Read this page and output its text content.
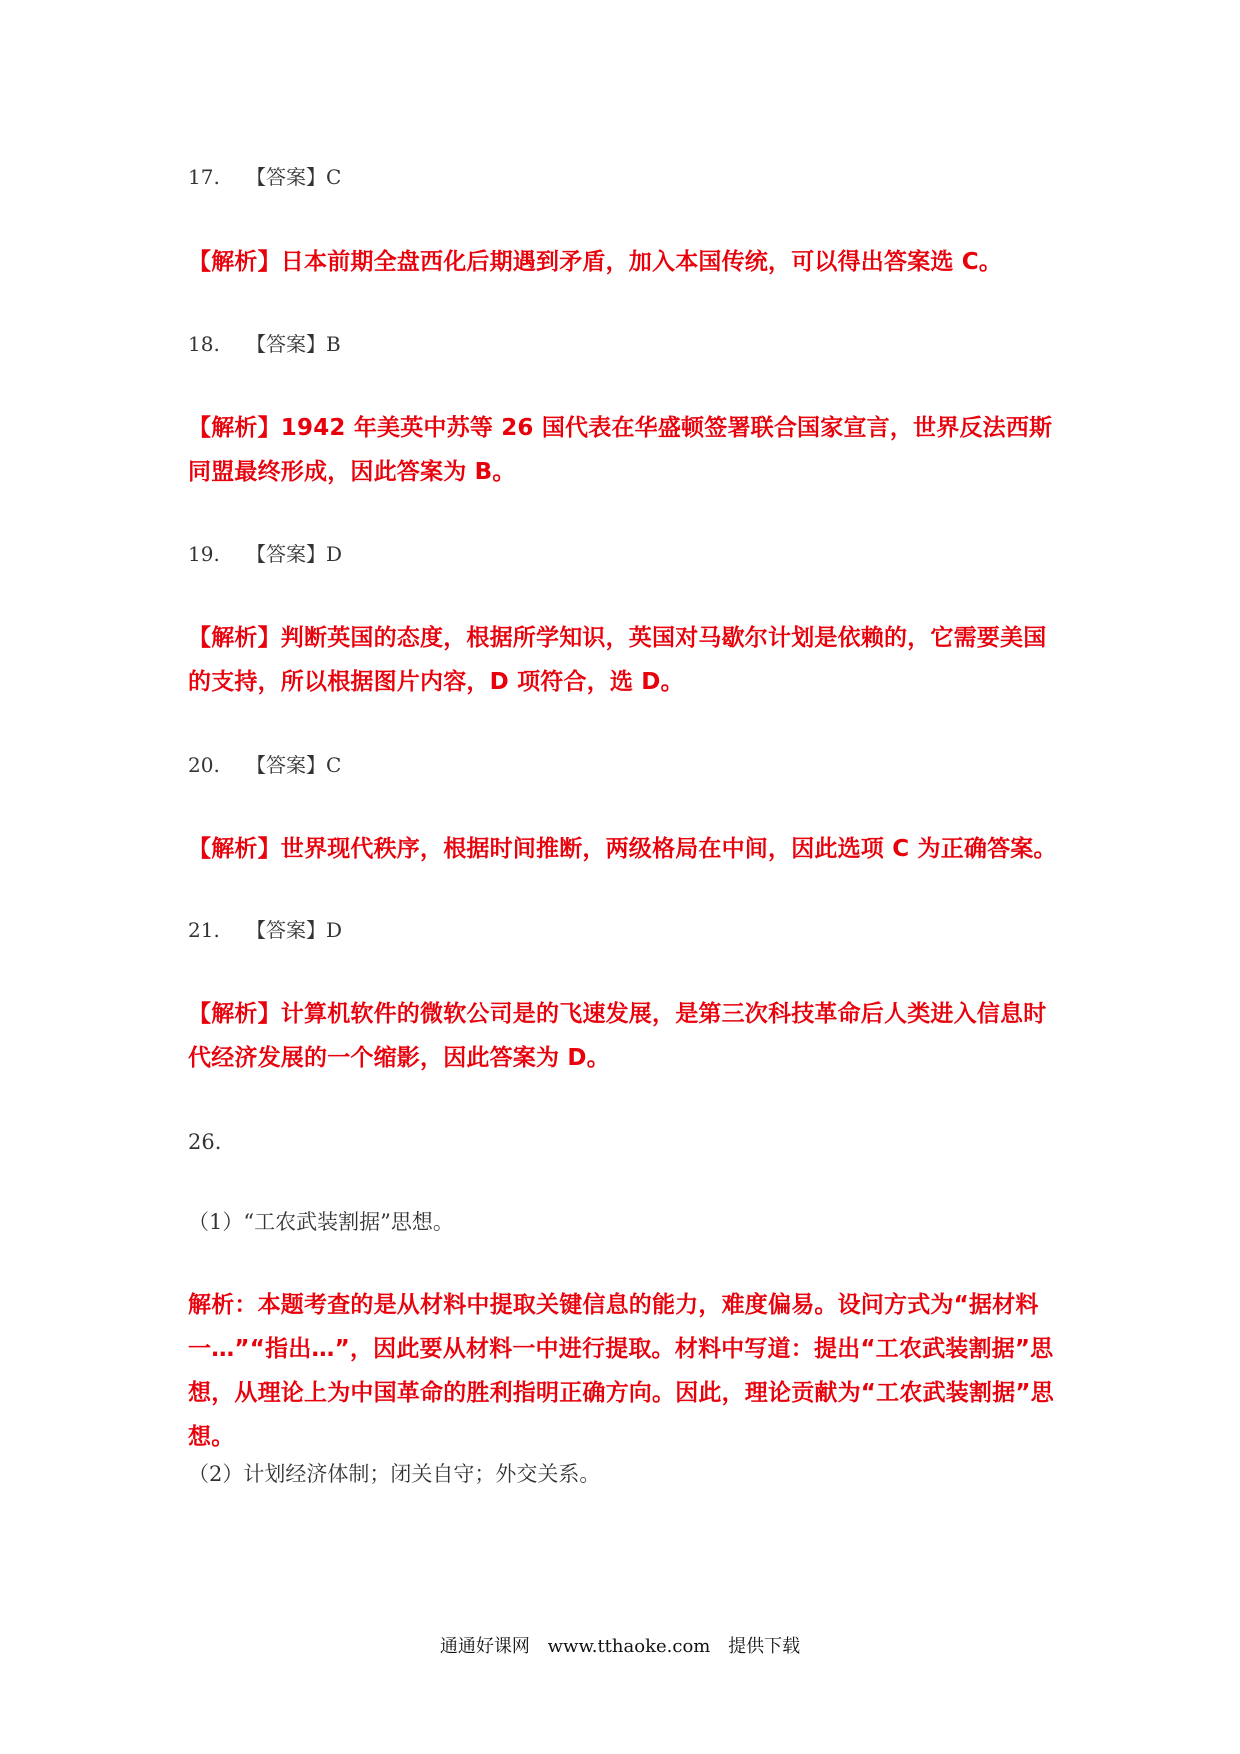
17. 【答案】C
【解析】日本前期全盘西化后期遇到矛盾，加入本国传统，可以得出答案选 C。
18. 【答案】B
【解析】1942 年美英中苏等 26 国代表在华盛顿签署联合国家宣言，世界反法西斯同盟最终形成，因此答案为 B。
19. 【答案】D
【解析】判断英国的态度，根据所学知识，英国对马歇尔计划是依赖的，它需要美国的支持，所以根据图片内容，D 项符合，选 D。
20. 【答案】C
【解析】世界现代秩序，根据时间推断，两级格局在中间，因此选项 C 为正确答案。
21. 【答案】D
【解析】计算机软件的微软公司是的飞速发展，是第三次科技革命后人类进入信息时代经济发展的一个缩影，因此答案为 D。
26.
（1）“工农武装割据”思想。
解析：本题考查的是从材料中提取关键信息的能力，难度偏易。设问方式为“据材料一…”“指出…”，因此要从材料一中进行提取。材料中写道：提出“工农武装割据”思想，从理论上为中国革命的胜利指明正确方向。因此，理论贡献为“工农武装割据”思想。
（2）计划经济体制；闭关自守；外交关系。
通通好课网 www.tthaoke.com 提供下载
